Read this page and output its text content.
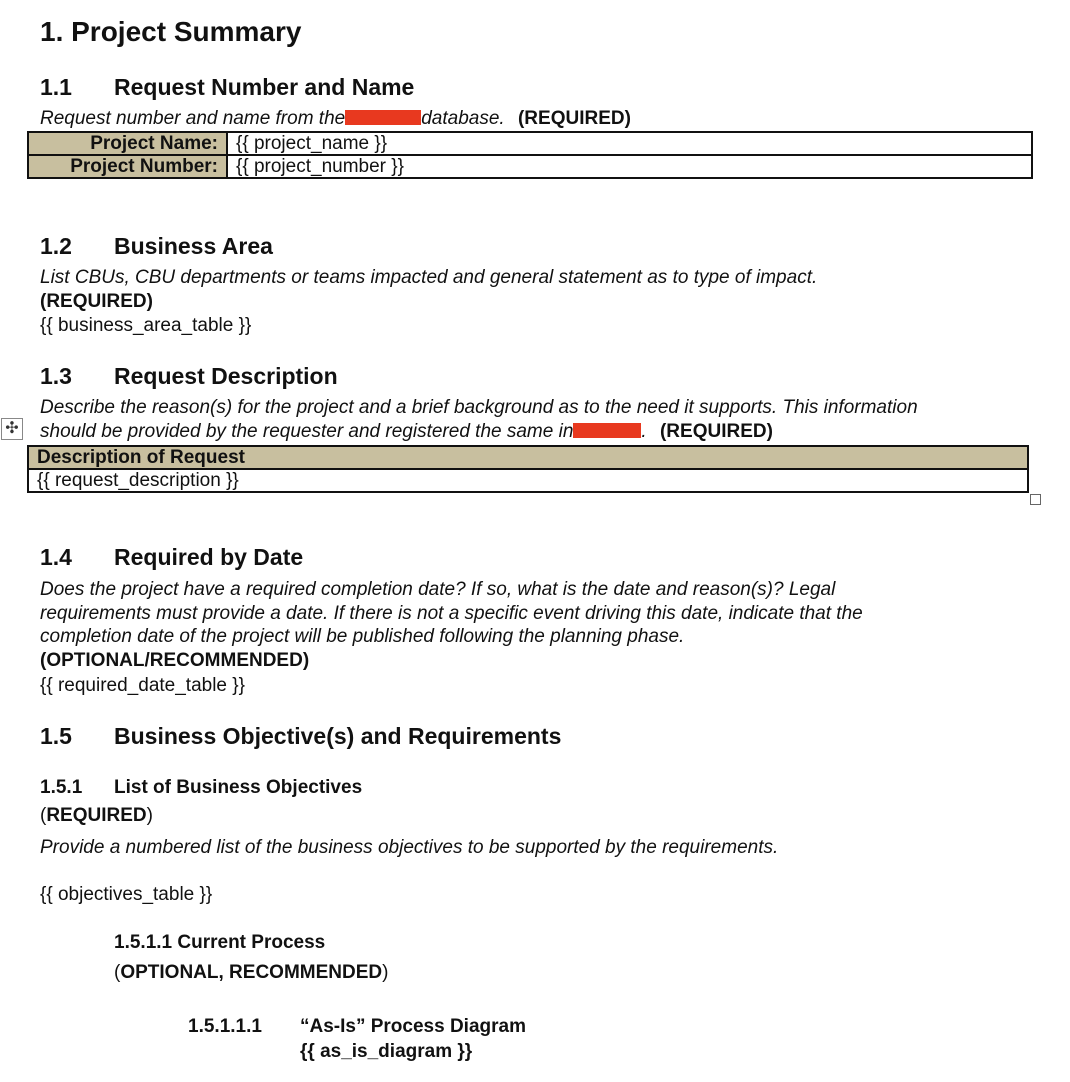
1. Project Summary
1.1 Request Number and Name
Request number and name from the	database. (REQUIRED)
Project Name:	{{ project_name }}
Project Number:	{{ project_number }}
1.2 Business Area
List CBUs, CBU departments or teams impacted and general statement as to type of impact.
(REQUIRED)
{{ business_area_table }}
1.3 Request Description
Describe the reason(s) for the project and a brief background as to the need it supports. This information
✣ should be provided by the requester and registered the same in	. (REQUIRED)
Description of Request
{{ request_description }}
1.4 Required by Date
Does the project have a required completion date? If so, what is the date and reason(s)? Legal
requirements must provide a date. If there is not a specific event driving this date, indicate that the
completion date of the project will be published following the planning phase.
(OPTIONAL/RECOMMENDED)
{{ required_date_table }}
1.5 Business Objective(s) and Requirements
1.5.1 List of Business Objectives
(REQUIRED)
Provide a numbered list of the business objectives to be supported by the requirements.
{{ objectives_table }}
1.5.1.1 Current Process
(OPTIONAL, RECOMMENDED)
1.5.1.1.1 “As-Is” Process Diagram
{{ as_is_diagram }}
